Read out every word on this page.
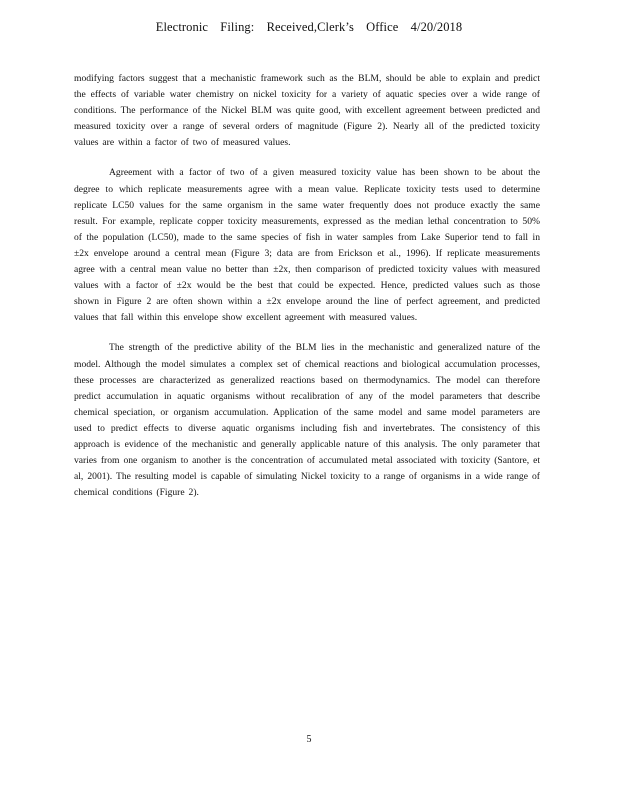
Electronic Filing: Received,Clerk’s Office 4/20/2018

modifying factors suggest that a mechanistic framework such as the BLM, should be able to explain and predict the effects of variable water chemistry on nickel toxicity for a variety of aquatic species over a wide range of conditions. The performance of the Nickel BLM was quite good, with excellent agreement between predicted and measured toxicity over a range of several orders of magnitude (Figure 2). Nearly all of the predicted toxicity values are within a factor of two of measured values.

Agreement with a factor of two of a given measured toxicity value has been shown to be about the degree to which replicate measurements agree with a mean value. Replicate toxicity tests used to determine replicate LC50 values for the same organism in the same water frequently does not produce exactly the same result. For example, replicate copper toxicity measurements, expressed as the median lethal concentration to 50% of the population (LC50), made to the same species of fish in water samples from Lake Superior tend to fall in ±2x envelope around a central mean (Figure 3; data are from Erickson et al., 1996). If replicate measurements agree with a central mean value no better than ±2x, then comparison of predicted toxicity values with measured values with a factor of ±2x would be the best that could be expected. Hence, predicted values such as those shown in Figure 2 are often shown within a ±2x envelope around the line of perfect agreement, and predicted values that fall within this envelope show excellent agreement with measured values.

The strength of the predictive ability of the BLM lies in the mechanistic and generalized nature of the model. Although the model simulates a complex set of chemical reactions and biological accumulation processes, these processes are characterized as generalized reactions based on thermodynamics. The model can therefore predict accumulation in aquatic organisms without recalibration of any of the model parameters that describe chemical speciation, or organism accumulation. Application of the same model and same model parameters are used to predict effects to diverse aquatic organisms including fish and invertebrates. The consistency of this approach is evidence of the mechanistic and generally applicable nature of this analysis. The only parameter that varies from one organism to another is the concentration of accumulated metal associated with toxicity (Santore, et al, 2001). The resulting model is capable of simulating Nickel toxicity to a range of organisms in a wide range of chemical conditions (Figure 2).

5
